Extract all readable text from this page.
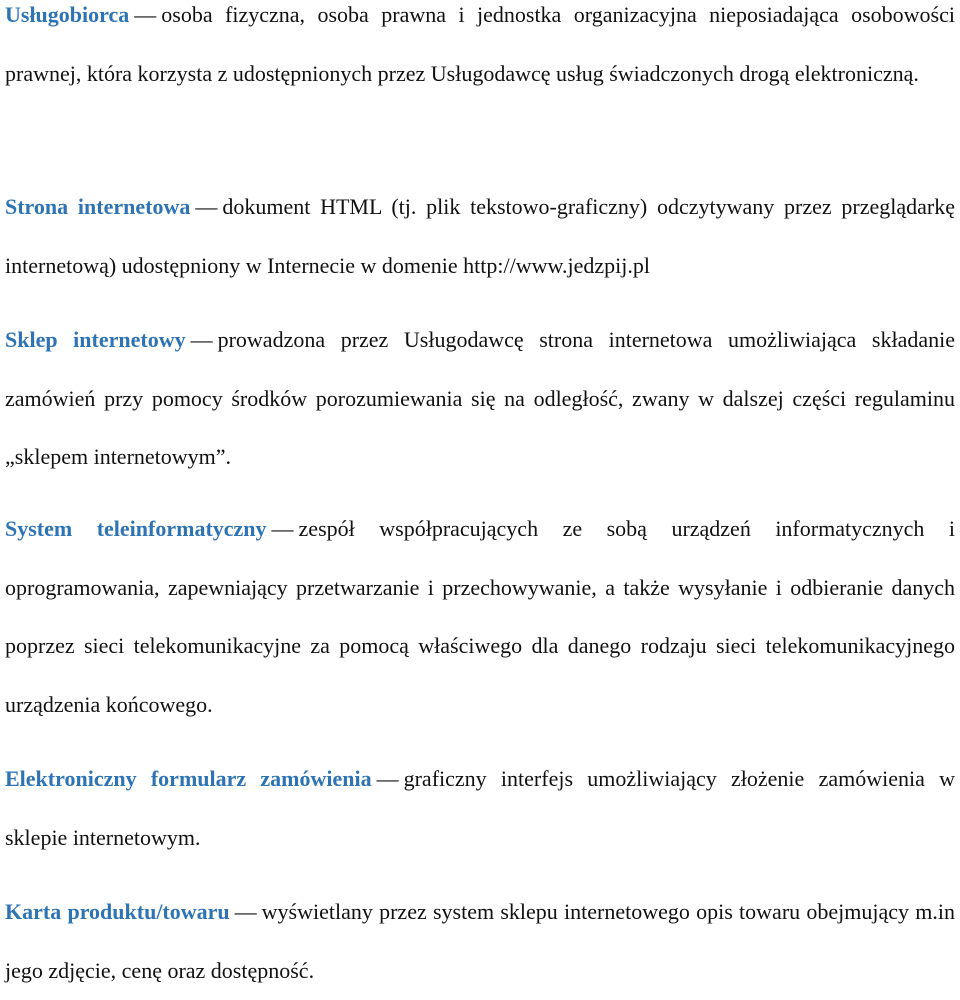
Usługobiorca — osoba fizyczna, osoba prawna i jednostka organizacyjna nieposiadająca osobowości prawnej, która korzysta z udostępnionych przez Usługodawcę usług świadczonych drogą elektroniczną.

Strona internetowa — dokument HTML (tj. plik tekstowo-graficzny) odczytywany przez przeglądarkę internetową) udostępniony w Internecie w domenie http://www.jedzpij.pl

Sklep internetowy — prowadzona przez Usługodawcę strona internetowa umożliwiająca składanie zamówień przy pomocy środków porozumiewania się na odległość, zwany w dalszej części regulaminu „sklepem internetowym”.

System teleinformatyczny — zespół współpracujących ze sobą urządzeń informatycznych i oprogramowania, zapewniający przetwarzanie i przechowywanie, a także wysyłanie i odbieranie danych poprzez sieci telekomunikacyjne za pomocą właściwego dla danego rodzaju sieci telekomunikacyjnego urządzenia końcowego.

Elektroniczny formularz zamówienia — graficzny interfejs umożliwiający złożenie zamówienia w sklepie internetowym.

Karta produktu/towaru — wyświetlany przez system sklepu internetowego opis towaru obejmujący m.in jego zdjęcie, cenę oraz dostępność.
